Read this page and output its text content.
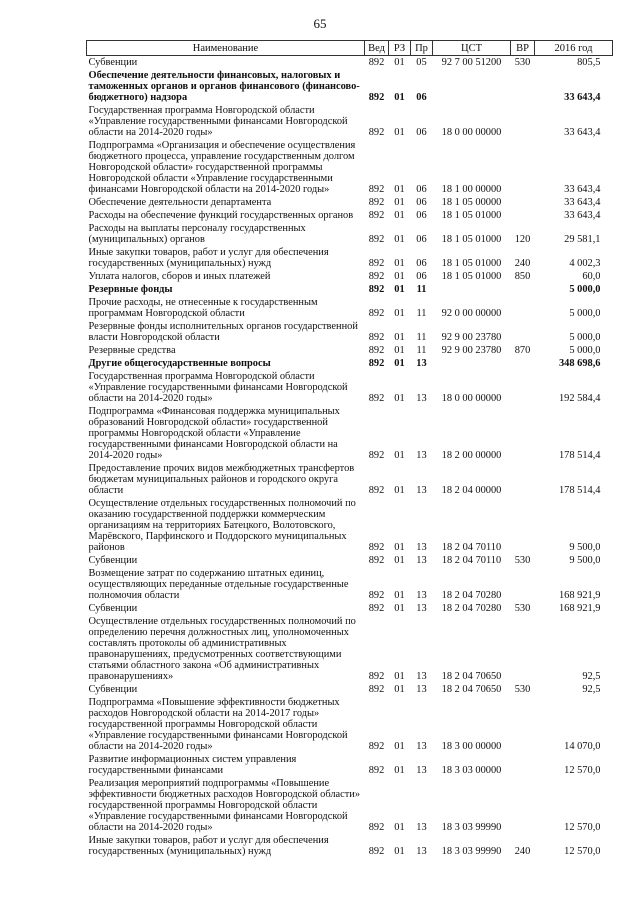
65
Наименование	Вед	РЗ	Пр	ЦСТ	ВР	2016 год
Субвенции	892	01	05	92 7 00 51200	530	805,5
Обеспечение деятельности финансовых, налоговых и таможенных органов и органов финансового (финансово-бюджетного) надзора	892	01	06			33 643,4
Государственная программа Новгородской области «Управление государственными финансами Новгородской области на 2014-2020 годы»	892	01	06	18 0 00 00000		33 643,4
Подпрограмма «Организация и обеспечение осуществления бюджетного процесса, управление государственным долгом Новгородской области» государственной программы Новгородской области «Управление государственными финансами Новгородской области на 2014-2020 годы»	892	01	06	18 1 00 00000		33 643,4
Обеспечение деятельности департамента	892	01	06	18 1 05 00000		33 643,4
Расходы на обеспечение функций государственных органов	892	01	06	18 1 05 01000		33 643,4
Расходы на выплаты персоналу государственных (муниципальных) органов	892	01	06	18 1 05 01000	120	29 581,1
Иные закупки товаров, работ и услуг для обеспечения государственных (муниципальных) нужд	892	01	06	18 1 05 01000	240	4 002,3
Уплата налогов, сборов и иных платежей	892	01	06	18 1 05 01000	850	60,0
Резервные фонды	892	01	11			5 000,0
Прочие расходы, не отнесенные к государственным программам Новгородской области	892	01	11	92 0 00 00000		5 000,0
Резервные фонды исполнительных органов государственной власти Новгородской области	892	01	11	92 9 00 23780		5 000,0
Резервные средства	892	01	11	92 9 00 23780	870	5 000,0
Другие общегосударственные вопросы	892	01	13			348 698,6
Государственная программа Новгородской области «Управление государственными финансами Новгородской области на 2014-2020 годы»	892	01	13	18 0 00 00000		192 584,4
Подпрограмма «Финансовая поддержка муниципальных образований Новгородской области» государственной программы Новгородской области «Управление государственными финансами Новгородской области на 2014-2020 годы»	892	01	13	18 2 00 00000		178 514,4
Предоставление прочих видов межбюджетных трансфертов бюджетам муниципальных районов и городского округа области	892	01	13	18 2 04 00000		178 514,4
Осуществление отдельных государственных полномочий по оказанию государственной поддержки коммерческим организациям на территориях Батецкого, Волотовского, Марёвского, Парфинского и Поддорского муниципальных районов	892	01	13	18 2 04 70110		9 500,0
Субвенции	892	01	13	18 2 04 70110	530	9 500,0
Возмещение затрат по содержанию штатных единиц, осуществляющих переданные отдельные государственные полномочия области	892	01	13	18 2 04 70280		168 921,9
Субвенции	892	01	13	18 2 04 70280	530	168 921,9
Осуществление отдельных государственных полномочий по определению перечня должностных лиц, уполномоченных составлять протоколы об административных правонарушениях, предусмотренных соответствующими статьями областного закона «Об административных правонарушениях»	892	01	13	18 2 04 70650		92,5
Субвенции	892	01	13	18 2 04 70650	530	92,5
Подпрограмма «Повышение эффективности бюджетных расходов Новгородской области на 2014-2017 годы» государственной программы Новгородской области «Управление государственными финансами Новгородской области на 2014-2020 годы»	892	01	13	18 3 00 00000		14 070,0
Развитие информационных систем управления государственными финансами	892	01	13	18 3 03 00000		12 570,0
Реализация мероприятий подпрограммы «Повышение эффективности бюджетных расходов Новгородской области» государственной программы Новгородской области «Управление государственными финансами Новгородской области на 2014-2020 годы»	892	01	13	18 3 03 99990		12 570,0
Иные закупки товаров, работ и услуг для обеспечения государственных (муниципальных) нужд	892	01	13	18 3 03 99990	240	12 570,0
